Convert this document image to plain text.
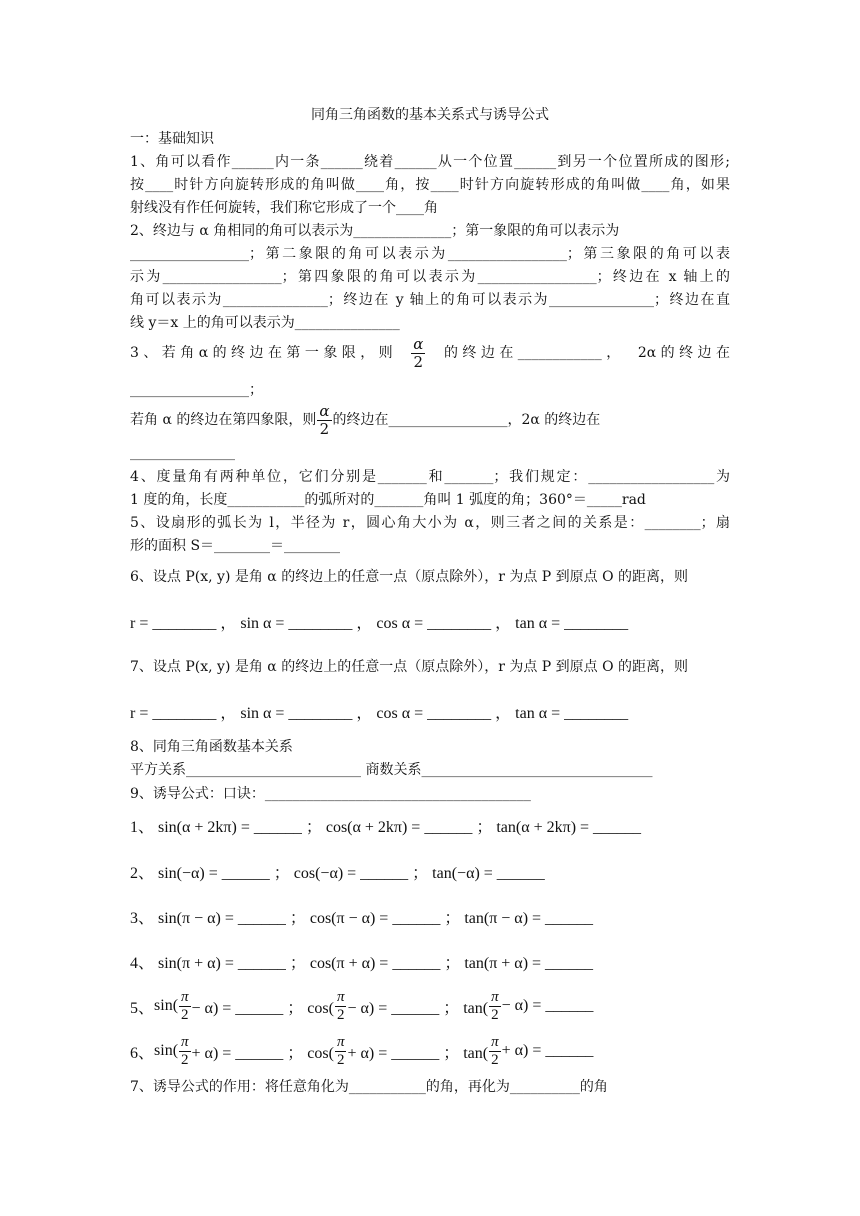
同角三角函数的基本关系式与诱导公式
一：基础知识
1、角可以看作______内一条______绕着______从一个位置______到另一个位置所成的图形;
按____时针方向旋转形成的角叫做____角，按____时针方向旋转形成的角叫做____角，如果
射线没有作任何旋转，我们称它形成了一个____角
2、终边与 α 角相同的角可以表示为______________；第一象限的角可以表示为
_________________；第二象限的角可以表示为_________________；第三象限的角可以表
示为_________________；第四象限的角可以表示为_________________；终边在 x 轴上的
角可以表示为_______________；终边在 y 轴上的角可以表示为_______________；终边在直
线 y＝x 上的角可以表示为_______________
3 、 若 角 α 的 终 边 在 第 一 象 限 ， 则 $\frac{\alpha}{2}$ 的 终 边 在 ____________ ， 2α 的 终 边 在
_________________；
若角 α 的终边在第四象限，则 $\frac{\alpha}{2}$ 的终边在_________________， 2α 的终边在
_______________
4、度量角有两种单位，它们分别是_______和_______；我们规定：__________________为
1 度的角，长度___________的弧所对的_______角叫 1 弧度的角；360°＝_____rad
5、设扇形的弧长为 l，半径为 r，圆心角大小为 α，则三者之间的关系是：________；扇
形的面积 S＝________＝________
6、设点 P(x, y) 是角 α 的终边上的任意一点（原点除外），r 为点 P 到原点 O 的距离，则
r = ________ ， sin α = ________ ， cos α = ________ ， tan α = ________
7、设点 P(x, y) 是角 α 的终边上的任意一点（原点除外），r 为点 P 到原点 O 的距离，则
r = ________ ， sin α = ________ ， cos α = ________ ， tan α = ________
8、同角三角函数基本关系
平方关系_________________________ 商数关系_________________________________
9、诱导公式：口诀：______________________________________
1、 sin(α + 2kπ) = ______ ； cos(α + 2kπ) = ______ ； tan(α + 2kπ) = ______
2、 sin(−α) = ______ ； cos(−α) = ______ ； tan(−α) = ______
3、 sin(π − α) = ______ ； cos(π − α) = ______ ； tan(π − α) = ______
4、 sin(π + α) = ______ ； cos(π + α) = ______ ； tan(π + α) = ______
5、 $\sin( \frac{\pi}{2} - \alpha)$ = ______ ； $\cos( \frac{\pi}{2} - \alpha)$ = ______ ； $\tan( \frac{\pi}{2} - \alpha)$ = ______
6、 $\sin( \frac{\pi}{2} + \alpha)$ = ______ ； $\cos( \frac{\pi}{2} + \alpha)$ = ______ ； $\tan( \frac{\pi}{2} + \alpha)$ = ______
7、诱导公式的作用：将任意角化为___________的角，再化为__________的角
